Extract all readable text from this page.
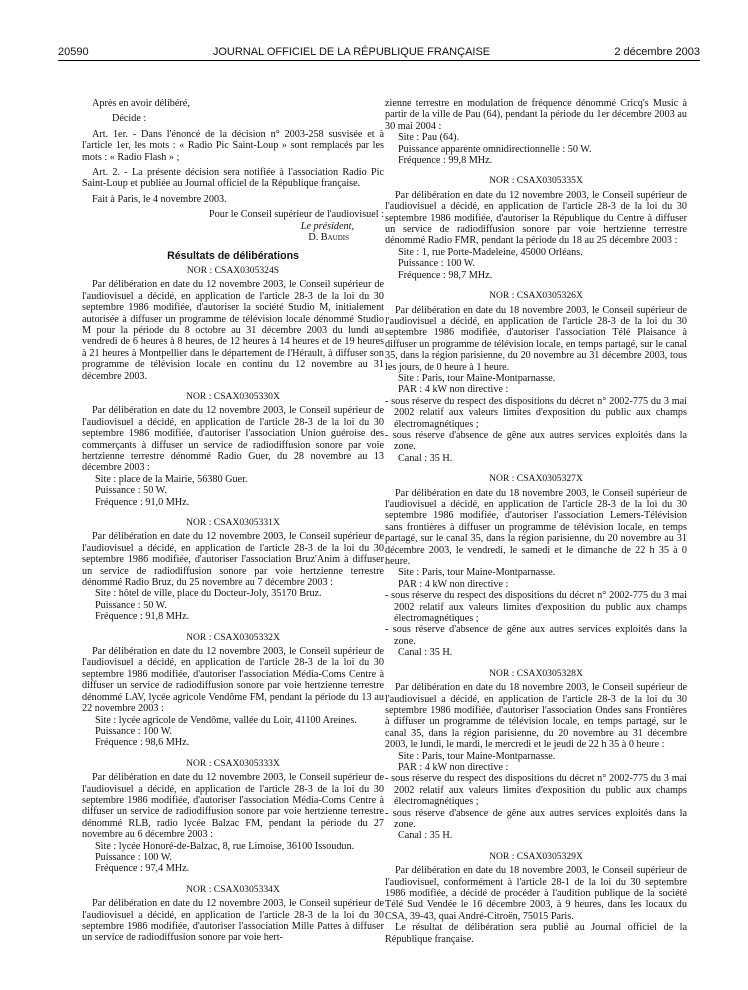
20590	JOURNAL OFFICIEL DE LA RÉPUBLIQUE FRANÇAISE	2 décembre 2003

Après en avoir délibéré,

Décide :

Art. 1er. - Dans l'énoncé de la décision n° 2003-258 susvisée et à l'article 1er, les mots : « Radio Pic Saint-Loup » sont remplacés par les mots : « Radio Flash » ;

Art. 2. - La présente décision sera notifiée à l'association Radio Pic Saint-Loup et publiée au Journal officiel de la République française.

Fait à Paris, le 4 novembre 2003.

Pour le Conseil supérieur de l'audiovisuel :

Le président,

D. Baudis

Résultats de délibérations

NOR : CSAX0305324S

Par délibération en date du 12 novembre 2003, le Conseil supérieur de l'audiovisuel a décidé, en application de l'article 28-3 de la loi du 30 septembre 1986 modifiée, d'autoriser la société Studio M, initialement autorisée à diffuser un programme de télévision locale dénommé Studio M pour la période du 8 octobre au 31 décembre 2003 du lundi au vendredi de 6 heures à 8 heures, de 12 heures à 14 heures et de 19 heures à 21 heures à Montpellier dans le département de l'Hérault, à diffuser son programme de télévision locale en continu du 12 novembre au 31 décembre 2003.

NOR : CSAX0305330X

Par délibération en date du 12 novembre 2003, le Conseil supérieur de l'audiovisuel a décidé, en application de l'article 28-3 de la loi du 30 septembre 1986 modifiée, d'autoriser l'association Union guéroise des commerçants à diffuser un service de radiodiffusion sonore par voie hertzienne terrestre dénommé Radio Guer, du 28 novembre au 13 décembre 2003 :

Site : place de la Mairie, 56380 Guer.

Puissance : 50 W.

Fréquence : 91,0 MHz.

NOR : CSAX0305331X

Par délibération en date du 12 novembre 2003, le Conseil supérieur de l'audiovisuel a décidé, en application de l'article 28-3 de la loi du 30 septembre 1986 modifiée, d'autoriser l'association Bruz'Anim à diffuser un service de radiodiffusion sonore par voie hertzienne terrestre dénommé Radio Bruz, du 25 novembre au 7 décembre 2003 :

Site : hôtel de ville, place du Docteur-Joly, 35170 Bruz.

Puissance : 50 W.

Fréquence : 91,8 MHz.

NOR : CSAX0305332X

Par délibération en date du 12 novembre 2003, le Conseil supérieur de l'audiovisuel a décidé, en application de l'article 28-3 de la loi du 30 septembre 1986 modifiée, d'autoriser l'association Média-Coms Centre à diffuser un service de radiodiffusion sonore par voie hertzienne terrestre dénommé LAV, lycée agricole Vendôme FM, pendant la période du 13 au 22 novembre 2003 :

Site : lycée agricole de Vendôme, vallée du Loir, 41100 Areines.

Puissance : 100 W.

Fréquence : 98,6 MHz.

NOR : CSAX0305333X

Par délibération en date du 12 novembre 2003, le Conseil supérieur de l'audiovisuel a décidé, en application de l'article 28-3 de la loi du 30 septembre 1986 modifiée, d'autoriser l'association Média-Coms Centre à diffuser un service de radiodiffusion sonore par voie hertzienne terrestre dénommé RLB, radio lycée Balzac FM, pendant la période du 27 novembre au 6 décembre 2003 :

Site : lycée Honoré-de-Balzac, 8, rue Limoise, 36100 Issoudun.

Puissance : 100 W.

Fréquence : 97,4 MHz.

NOR : CSAX0305334X

Par délibération en date du 12 novembre 2003, le Conseil supérieur de l'audiovisuel a décidé, en application de l'article 28-3 de la loi du 30 septembre 1986 modifiée, d'autoriser l'association Mille Pattes à diffuser un service de radiodiffusion sonore par voie hert-

zienne terrestre en modulation de fréquence dénommé Cricq's Music à partir de la ville de Pau (64), pendant la période du 1er décembre 2003 au 30 mai 2004 :

Site : Pau (64).

Puissance apparente omnidirectionnelle : 50 W.

Fréquence : 99,8 MHz.

NOR : CSAX0305335X

Par délibération en date du 12 novembre 2003, le Conseil supérieur de l'audiovisuel a décidé, en application de l'article 28-3 de la loi du 30 septembre 1986 modifiée, d'autoriser la République du Centre à diffuser un service de radiodiffusion sonore par voie hertzienne terrestre dénommé Radio FMR, pendant la période du 18 au 25 décembre 2003 :

Site : 1, rue Porte-Madeleine, 45000 Orléans.

Puissance : 100 W.

Fréquence : 98,7 MHz.

NOR : CSAX0305326X

Par délibération en date du 18 novembre 2003, le Conseil supérieur de l'audiovisuel a décidé, en application de l'article 28-3 de la loi du 30 septembre 1986 modifiée, d'autoriser l'association Télé Plaisance à diffuser un programme de télévision locale, en temps partagé, sur le canal 35, dans la région parisienne, du 20 novembre au 31 décembre 2003, tous les jours, de 0 heure à 1 heure.

Site : Paris, tour Maine-Montparnasse.

PAR : 4 kW non directive :

- sous réserve du respect des dispositions du décret n° 2002-775 du 3 mai 2002 relatif aux valeurs limites d'exposition du public aux champs électromagnétiques ;

- sous réserve d'absence de gêne aux autres services exploités dans la zone.

Canal : 35 H.

NOR : CSAX0305327X

Par délibération en date du 18 novembre 2003, le Conseil supérieur de l'audiovisuel a décidé, en application de l'article 28-3 de la loi du 30 septembre 1986 modifiée, d'autoriser l'association Lemers-Télévision sans frontières à diffuser un programme de télévision locale, en temps partagé, sur le canal 35, dans la région parisienne, du 20 novembre au 31 décembre 2003, le vendredi, le samedi et le dimanche de 22 h 35 à 0 heure.

Site : Paris, tour Maine-Montparnasse.

PAR : 4 kW non directive :

- sous réserve du respect des dispositions du décret n° 2002-775 du 3 mai 2002 relatif aux valeurs limites d'exposition du public aux champs électromagnétiques ;

- sous réserve d'absence de gêne aux autres services exploités dans la zone.

Canal : 35 H.

NOR : CSAX0305328X

Par délibération en date du 18 novembre 2003, le Conseil supérieur de l'audiovisuel a décidé, en application de l'article 28-3 de la loi du 30 septembre 1986 modifiée, d'autoriser l'association Ondes sans Frontières à diffuser un programme de télévision locale, en temps partagé, sur le canal 35, dans la région parisienne, du 20 novembre au 31 décembre 2003, le lundi, le mardi, le mercredi et le jeudi de 22 h 35 à 0 heure :

Site : Paris, tour Maine-Montparnasse.

PAR : 4 kW non directive :

- sous réserve du respect des dispositions du décret n° 2002-775 du 3 mai 2002 relatif aux valeurs limites d'exposition du public aux champs électromagnétiques ;

- sous réserve d'absence de gêne aux autres services exploités dans la zone.

Canal : 35 H.

NOR : CSAX0305329X

Par délibération en date du 18 novembre 2003, le Conseil supérieur de l'audiovisuel, conformément à l'article 28-1 de la loi du 30 septembre 1986 modifiée, a décidé de procéder à l'audition publique de la société Télé Sud Vendée le 16 décembre 2003, à 9 heures, dans les locaux du CSA, 39-43, quai André-Citroën, 75015 Paris.

Le résultat de délibération sera publié au Journal officiel de la République française.
